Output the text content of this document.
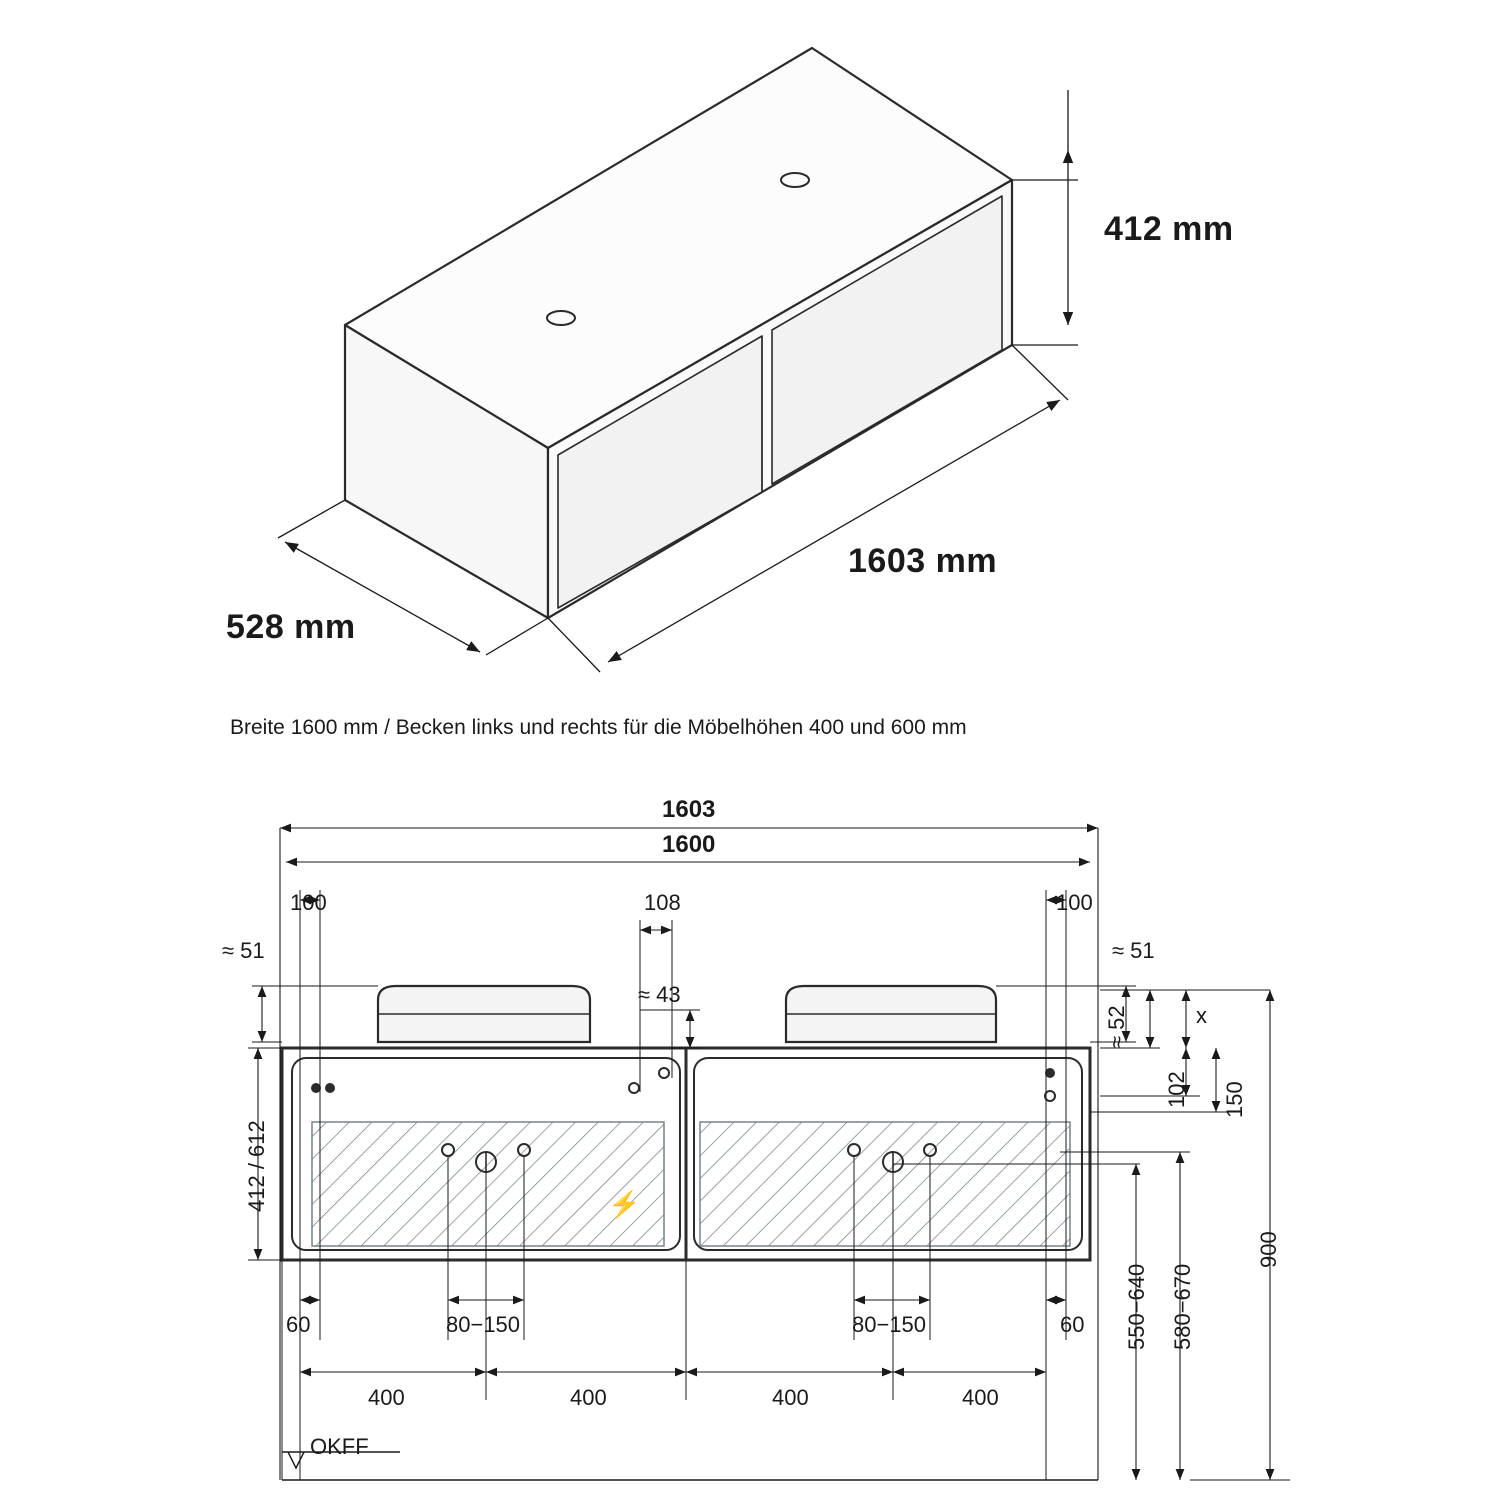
⚡
412 mm
1603 mm
528 mm
Breite 1600 mm / Becken links und rechts für die Möbelhöhen 400 und 600 mm
1603
1600
100	108	100
≈ 51	≈ 51
≈ 43
≈ 52	x
102 150
412 / 612
900
550−640 580−670
60	60
80−150	80−150
400	400	400	400
OKFF
